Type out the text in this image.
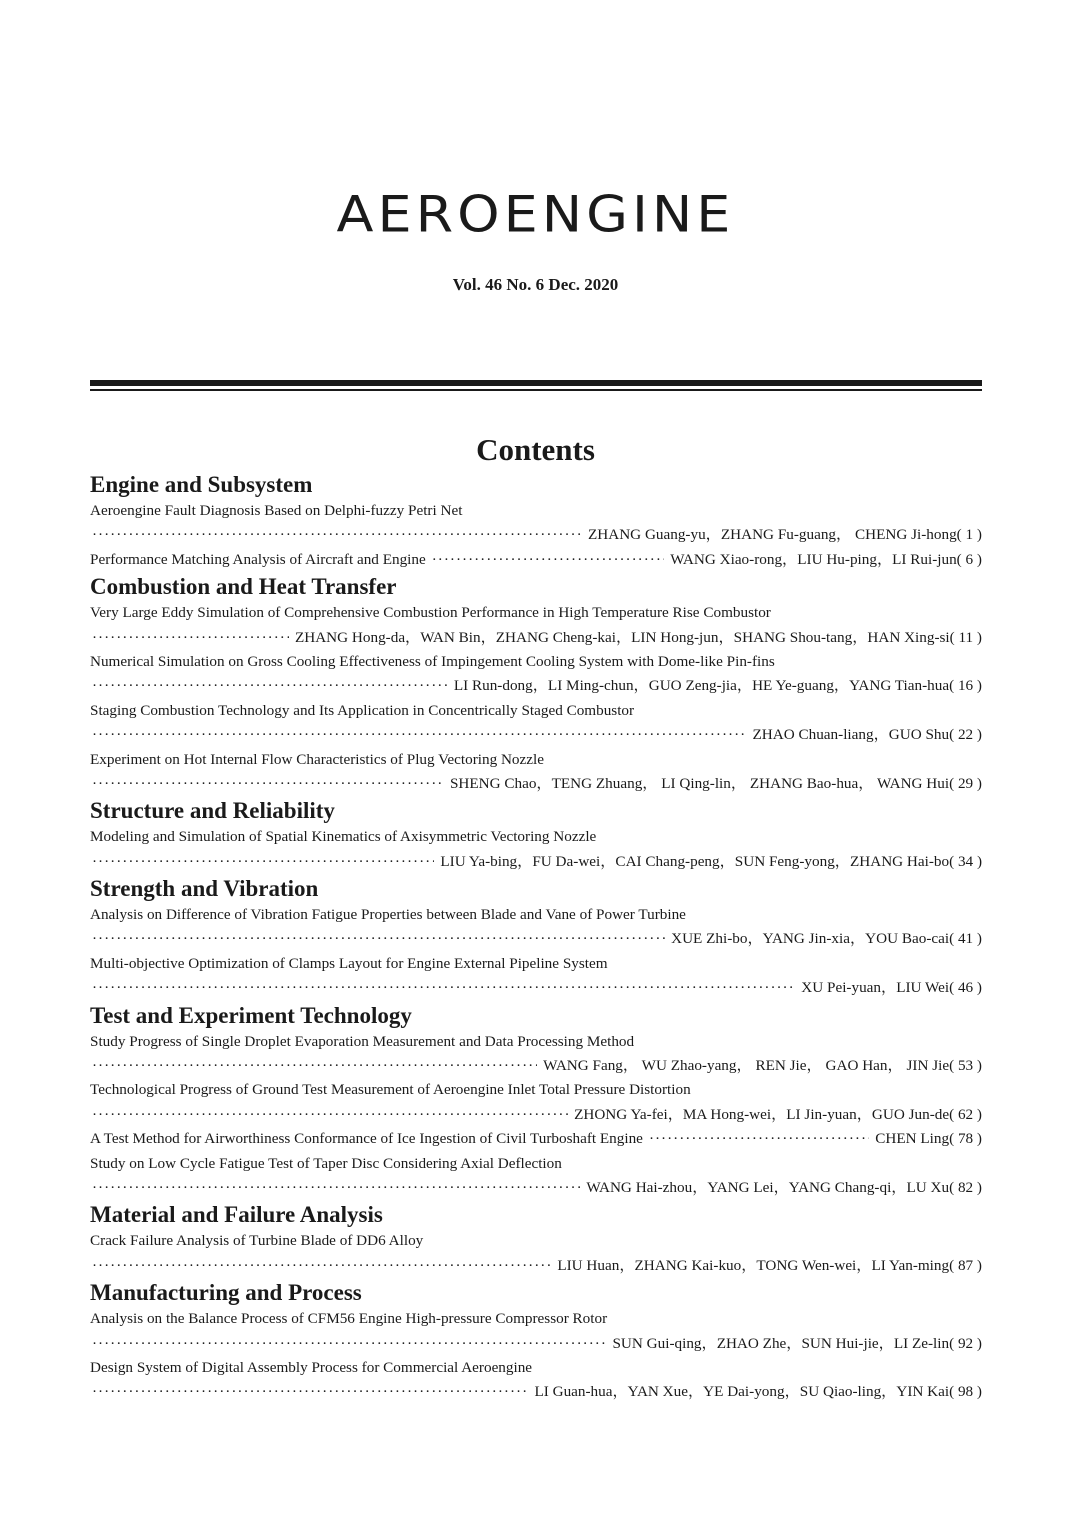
AEROENGINE
Vol. 46 No. 6 Dec. 2020
Contents
Engine and Subsystem
Aeroengine Fault Diagnosis Based on Delphi-fuzzy Petri Net
·····
ZHANG Guang-yu，ZHANG Fu-guang， CHENG Ji-hong( 1 )
Performance Matching Analysis of Aircraft and Engine ·····	WANG Xiao-rong，LIU Hu-ping，LI Rui-jun( 6 )
Combustion and Heat Transfer
Very Large Eddy Simulation of Comprehensive Combustion Performance in High Temperature Rise Combustor
·····
ZHANG Hong-da，WAN Bin，ZHANG Cheng-kai，LIN Hong-jun，SHANG Shou-tang，HAN Xing-si( 11 )
Numerical Simulation on Gross Cooling Effectiveness of Impingement Cooling System with Dome-like Pin-fins
·····
LI Run-dong，LI Ming-chun，GUO Zeng-jia，HE Ye-guang，YANG Tian-hua( 16 )
Staging Combustion Technology and Its Application in Concentrically Staged Combustor
·····
ZHAO Chuan-liang，GUO Shu( 22 )
Experiment on Hot Internal Flow Characteristics of Plug Vectoring Nozzle
·····
SHENG Chao，TENG Zhuang， LI Qing-lin， ZHANG Bao-hua， WANG Hui( 29 )
Structure and Reliability
Modeling and Simulation of Spatial Kinematics of Axisymmetric Vectoring Nozzle
·····
LIU Ya-bing，FU Da-wei，CAI Chang-peng，SUN Feng-yong，ZHANG Hai-bo( 34 )
Strength and Vibration
Analysis on Difference of Vibration Fatigue Properties between Blade and Vane of Power Turbine
·····
XUE Zhi-bo，YANG Jin-xia，YOU Bao-cai( 41 )
Multi-objective Optimization of Clamps Layout for Engine External Pipeline System
·····
XU Pei-yuan，LIU Wei( 46 )
Test and Experiment Technology
Study Progress of Single Droplet Evaporation Measurement and Data Processing Method
·····
WANG Fang， WU Zhao-yang， REN Jie， GAO Han， JIN Jie( 53 )
Technological Progress of Ground Test Measurement of Aeroengine Inlet Total Pressure Distortion
·····
ZHONG Ya-fei，MA Hong-wei，LI Jin-yuan，GUO Jun-de( 62 )
A Test Method for Airworthiness Conformance of Ice Ingestion of Civil Turboshaft Engine ·····	CHEN Ling( 78 )
Study on Low Cycle Fatigue Test of Taper Disc Considering Axial Deflection
·····
WANG Hai-zhou，YANG Lei，YANG Chang-qi，LU Xu( 82 )
Material and Failure Analysis
Crack Failure Analysis of Turbine Blade of DD6 Alloy
·····
LIU Huan，ZHANG Kai-kuo，TONG Wen-wei，LI Yan-ming( 87 )
Manufacturing and Process
Analysis on the Balance Process of CFM56 Engine High-pressure Compressor Rotor
·····
SUN Gui-qing，ZHAO Zhe，SUN Hui-jie，LI Ze-lin( 92 )
Design System of Digital Assembly Process for Commercial Aeroengine
·····
LI Guan-hua，YAN Xue，YE Dai-yong，SU Qiao-ling，YIN Kai( 98 )
